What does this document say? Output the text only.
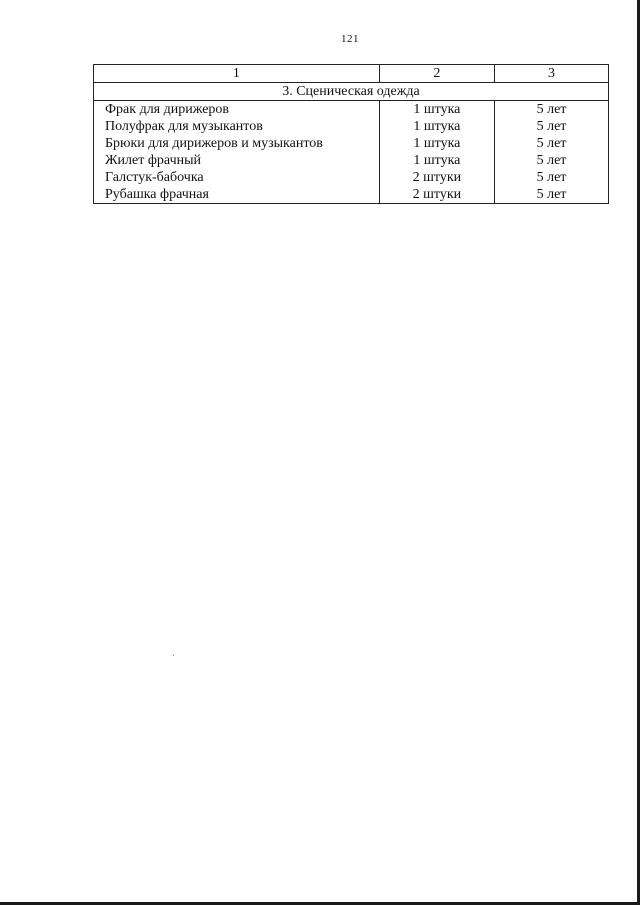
121
1	2	3
3. Сценическая одежда		
Фрак для дирижеров	1 штука	5 лет
Полуфрак для музыкантов	1 штука	5 лет
Брюки для дирижеров и музыкантов	1 штука	5 лет
Жилет фрачный	1 штука	5 лет
Галстук-бабочка	2 штуки	5 лет
Рубашка фрачная	2 штуки	5 лет
